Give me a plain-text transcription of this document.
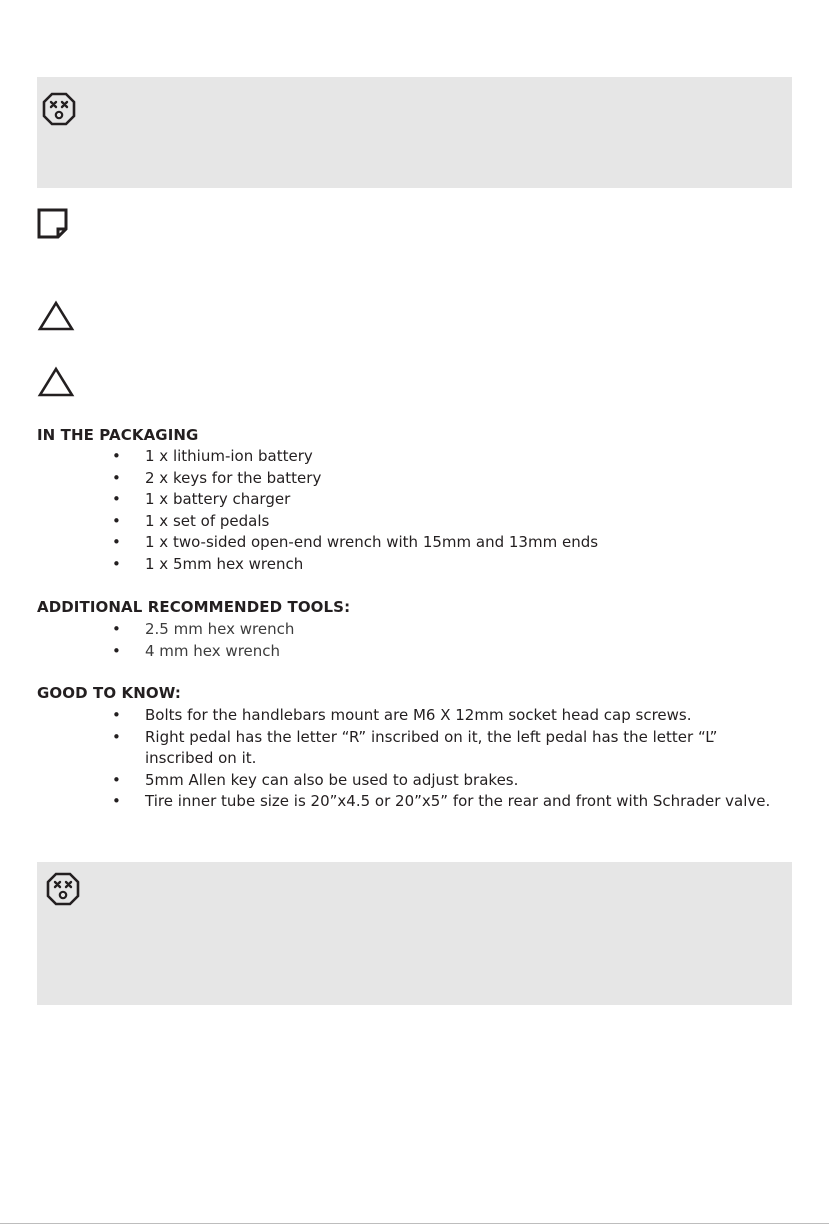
IN THE PACKAGING
• 1 x lithium-ion battery
• 2 x keys for the battery
• 1 x battery charger
• 1 x set of pedals
• 1 x two-sided open-end wrench with 15mm and 13mm ends
• 1 x 5mm hex wrench
ADDITIONAL RECOMMENDED TOOLS:
• 2.5 mm hex wrench
• 4 mm hex wrench
GOOD TO KNOW:
• Bolts for the handlebars mount are M6 X 12mm socket head cap screws.
• Right pedal has the letter “R” inscribed on it, the left pedal has the letter “L” inscribed on it.
• 5mm Allen key can also be used to adjust brakes.
• Tire inner tube size is 20”x4.5 or 20”x5” for the rear and front with Schrader valve.
